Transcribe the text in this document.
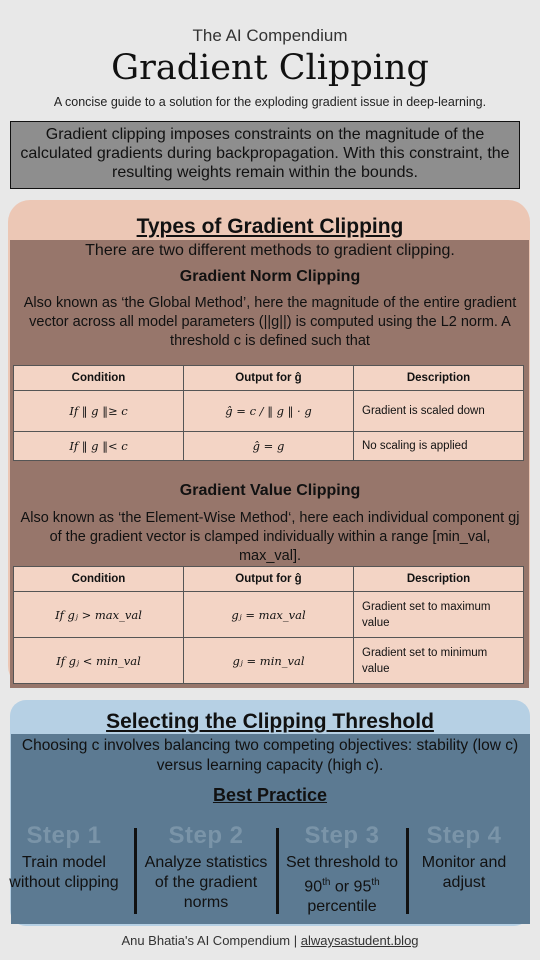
The AI Compendium
Gradient Clipping
A concise guide to a solution for the exploding gradient issue in deep-learning.
Gradient clipping imposes constraints on the magnitude of the calculated gradients during backpropagation. With this constraint, the resulting weights remain within the bounds.
Types of Gradient Clipping
There are two different methods to gradient clipping.
Gradient Norm Clipping
Also known as ‘the Global Method’, here the magnitude of the entire gradient vector across all model parameters (||g||) is computed using the L2 norm. A threshold c is defined such that
Condition	Output for ĝ	Description
If ‖ g ‖≥ c	ĝ = c / ‖ g ‖ · g	Gradient is scaled down
If ‖ g ‖< c	ĝ = g	No scaling is applied
Gradient Value Clipping
Also known as ‘the Element-Wise Method‘, here each individual component gj of the gradient vector is clamped individually within a range [min_val, max_val].
Condition	Output for ĝ	Description
If gⱼ > max_val	gⱼ = max_val	Gradient set to maximum value
If gⱼ < min_val	gⱼ = min_val	Gradient set to minimum value
Selecting the Clipping Threshold
Choosing c involves balancing two competing objectives: stability (low c) versus learning capacity (high c).
Best Practice
Step 1
Train model without clipping
Step 2
Analyze statistics of the gradient norms
Step 3
Set threshold to 90th or 95th percentile
Step 4
Monitor and adjust
Anu Bhatia's AI Compendium | alwaysastudent.blog
